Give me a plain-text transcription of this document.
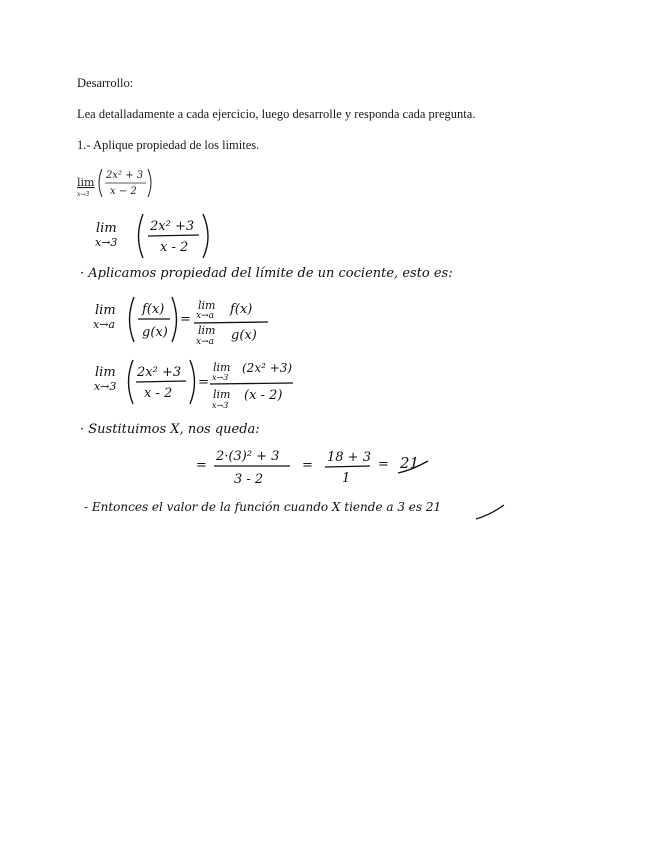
Desarrollo:
Lea detalladamente a cada ejercicio, luego desarrolle y responda cada pregunta.
1.- Aplique propiedad de los limites.
lim
x→3
2x² + 3
x − 2
lim
x→3
2x² +3
x - 2
· Aplicamos propiedad del límite de un cociente, esto es:
lim
x→a
f(x)
g(x)
=
lim
x→a f(x)
lim
x→a g(x)
lim
x→3
2x² +3
x - 2
=
lim
x→3
(2x² +3)
lim
x→3
(x - 2)
· Sustituimos X, nos queda:
=
2·(3)² + 3
3 - 2
=
18 + 3
1
= 21
- Entonces el valor de la función cuando X tiende a 3 es 21
